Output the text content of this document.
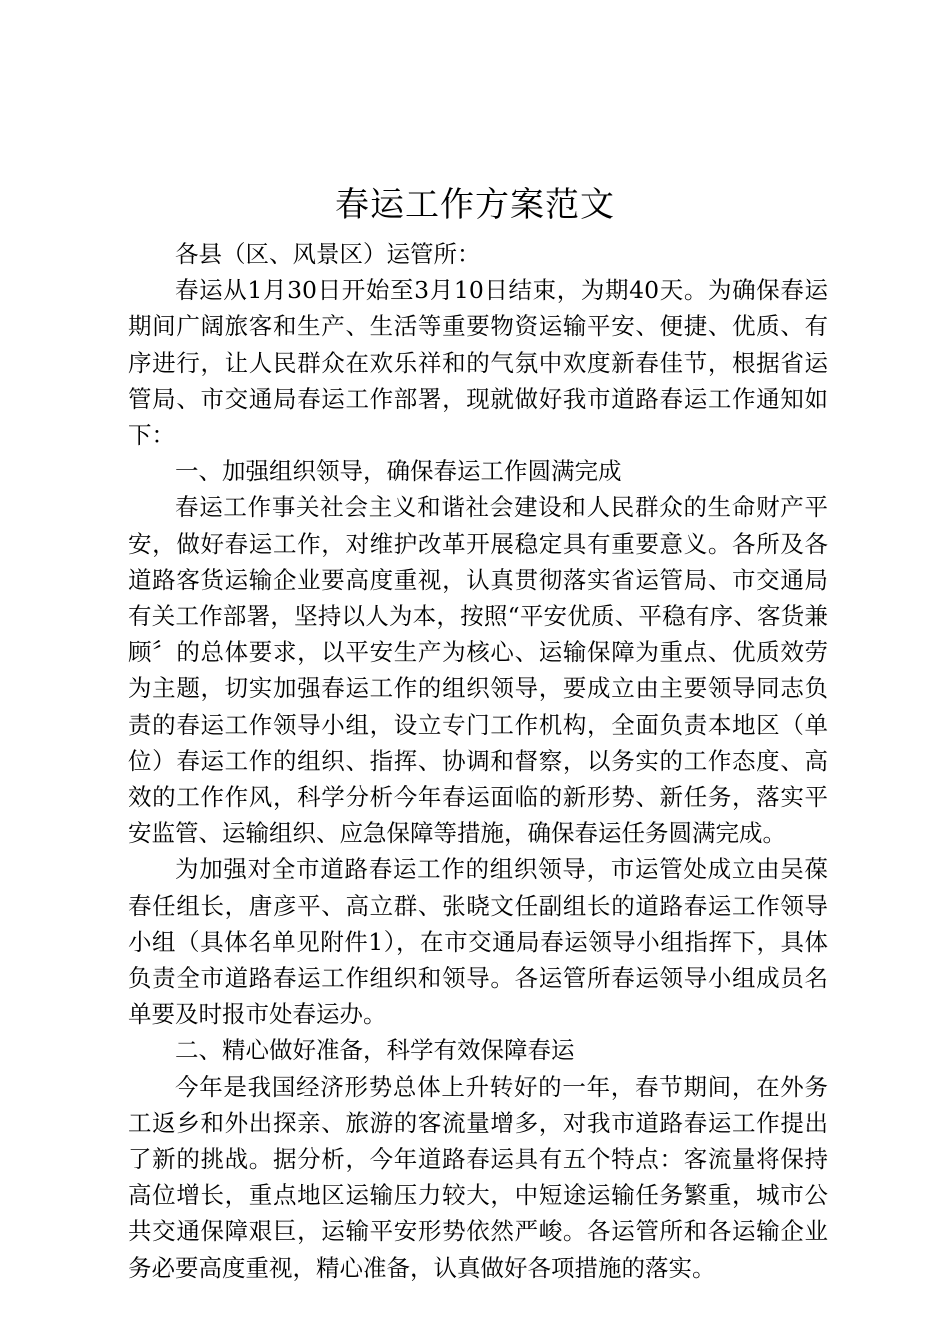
春运工作方案范文

各县（区、风景区）运管所：

春运从1月30日开始至3月10日结束，为期40天。为确保春运期间广阔旅客和生产、生活等重要物资运输平安、便捷、优质、有序进行，让人民群众在欢乐祥和的气氛中欢度新春佳节，根据省运管局、市交通局春运工作部署，现就做好我市道路春运工作通知如下：

一、加强组织领导，确保春运工作圆满完成

春运工作事关社会主义和谐社会建设和人民群众的生命财产平安，做好春运工作，对维护改革开展稳定具有重要意义。各所及各道路客货运输企业要高度重视，认真贯彻落实省运管局、市交通局有关工作部署，坚持以人为本，按照“平安优质、平稳有序、客货兼顾〞的总体要求，以平安生产为核心、运输保障为重点、优质效劳为主题，切实加强春运工作的组织领导，要成立由主要领导同志负责的春运工作领导小组，设立专门工作机构，全面负责本地区（单位）春运工作的组织、指挥、协调和督察，以务实的工作态度、高效的工作作风，科学分析今年春运面临的新形势、新任务，落实平安监管、运输组织、应急保障等措施，确保春运任务圆满完成。

为加强对全市道路春运工作的组织领导，市运管处成立由吴葆春任组长，唐彦平、高立群、张晓文任副组长的道路春运工作领导小组（具体名单见附件1），在市交通局春运领导小组指挥下，具体负责全市道路春运工作组织和领导。各运管所春运领导小组成员名单要及时报市处春运办。

二、精心做好准备，科学有效保障春运

今年是我国经济形势总体上升转好的一年，春节期间，在外务工返乡和外出探亲、旅游的客流量增多，对我市道路春运工作提出了新的挑战。据分析，今年道路春运具有五个特点：客流量将保持高位增长，重点地区运输压力较大，中短途运输任务繁重，城市公共交通保障艰巨，运输平安形势依然严峻。各运管所和各运输企业务必要高度重视，精心准备，认真做好各项措施的落实。
